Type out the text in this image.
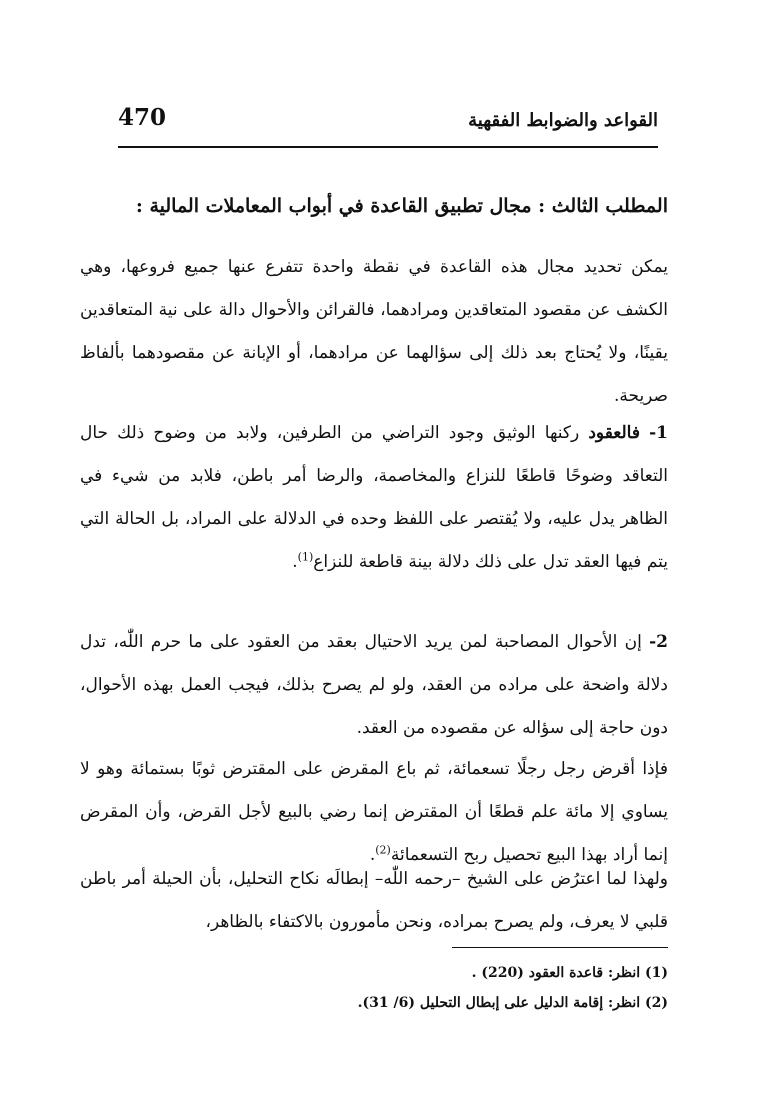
470	القواعد والضوابط الفقهية
المطلب الثالث : مجال تطبيق القاعدة في أبواب المعاملات المالية :
يمكن تحديد مجال هذه القاعدة في نقطة واحدة تتفرع عنها جميع فروعها، وهي الكشف عن مقصود المتعاقدين ومرادهما، فالقرائن والأحوال دالة على نية المتعاقدين يقينًا، ولا يُحتاج بعد ذلك إلى سؤالهما عن مرادهما، أو الإبانة عن مقصودهما بألفاظ صريحة.
1- فالعقود ركنها الوثيق وجود التراضي من الطرفين، ولابد من وضوح ذلك حال التعاقد وضوحًا قاطعًا للنزاع والمخاصمة، والرضا أمر باطن، فلابد من شيء في الظاهر يدل عليه، ولا يُقتصر على اللفظ وحده في الدلالة على المراد، بل الحالة التي يتم فيها العقد تدل على ذلك دلالة بينة قاطعة للنزاع$^{(1)}$.
2- إن الأحوال المصاحبة لمن يريد الاحتيال بعقد من العقود على ما حرم اللّٰه، تدل دلالة واضحة على مراده من العقد، ولو لم يصرح بذلك، فيجب العمل بهذه الأحوال، دون حاجة إلى سؤاله عن مقصوده من العقد.
فإذا أقرض رجل رجلًا تسعمائة، ثم باع المقرض على المقترض ثوبًا بستمائة وهو لا يساوي إلا مائة علم قطعًا أن المقترض إنما رضي بالبيع لأجل القرض، وأن المقرض إنما أراد بهذا البيع تحصيل ربح التسعمائة$^{(2)}$.
ولهذا لما اعترُض على الشيخ –رحمه اللّٰه– إبطالَه نكاح التحليل، بأن الحيلة أمر باطن قلبي لا يعرف، ولم يصرح بمراده، ونحن مأمورون بالاكتفاء بالظاهر،
(1) انظر: قاعدة العقود (220) .
(2) انظر: إقامة الدليل على إبطال التحليل (6/ 31).
